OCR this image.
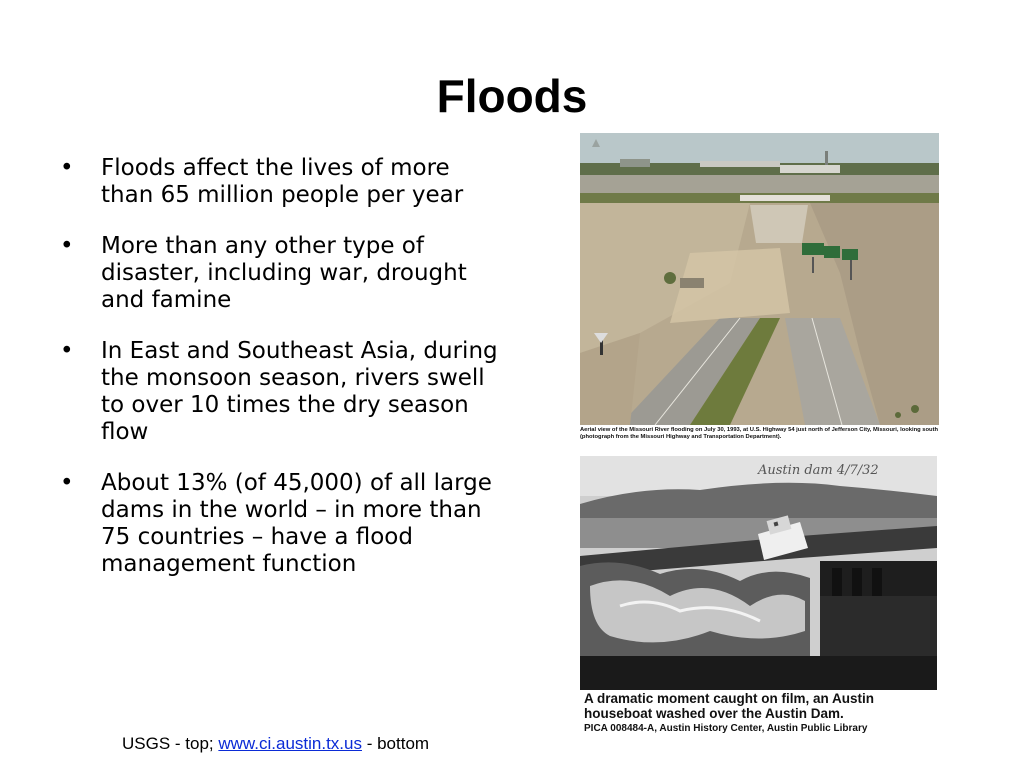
Floods
• Floods affect the lives of more than 65 million people per year
• More than any other type of disaster, including war, drought and famine
• In East and Southeast Asia, during the monsoon season, rivers swell to over 10 times the dry season flow
• About 13% (of 45,000) of all large dams in the world – in more than 75 countries – have a flood management function
USGS - top; www.ci.austin.tx.us - bottom
Aerial view of the Missouri River flooding on July 30, 1993, at U.S. Highway 54 just north of Jefferson City, Missouri, looking south (photograph from the Missouri Highway and Transportation Department).
Austin dam 4/7/32
A dramatic moment caught on film, an Austin houseboat washed over the Austin Dam.
PICA 008484-A, Austin History Center, Austin Public Library
